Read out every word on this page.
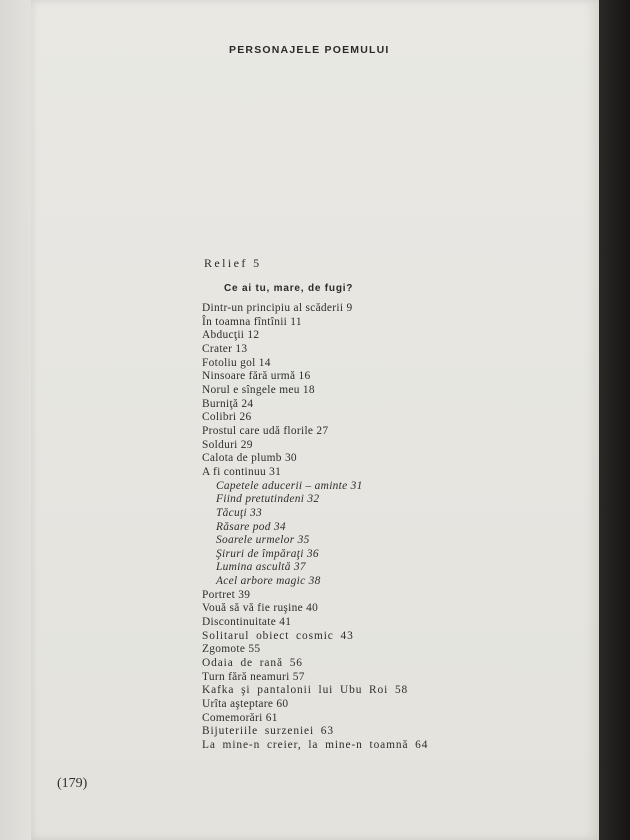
PERSONAJELE POEMULUI
Relief 5
Ce ai tu, mare, de fugi?
Dintr-un principiu al scăderii 9
În toamna fîntînii 11
Abducţii 12
Crater 13
Fotoliu gol 14
Ninsoare fără urmă 16
Norul e sîngele meu 18
Burniţă 24
Colibri 26
Prostul care udă florile 27
Solduri 29
Calota de plumb 30
A fi continuu 31
Capetele aducerii – aminte 31
Fiind pretutindeni 32
Tăcuţi 33
Răsare pod 34
Soarele urmelor 35
Şiruri de împăraţi 36
Lumina ascultă 37
Acel arbore magic 38
Portret 39
Vouă să vă fie ruşine 40
Discontinuitate 41
Solitarul obiect cosmic 43
Zgomote 55
Odaia de rană 56
Turn fără neamuri 57
Kafka şi pantalonii lui Ubu Roi 58
Urîta aşteptare 60
Comemorări 61
Bijuteriile surzeniei 63
La mine-n creier, la mine-n toamnă 64
(179)
